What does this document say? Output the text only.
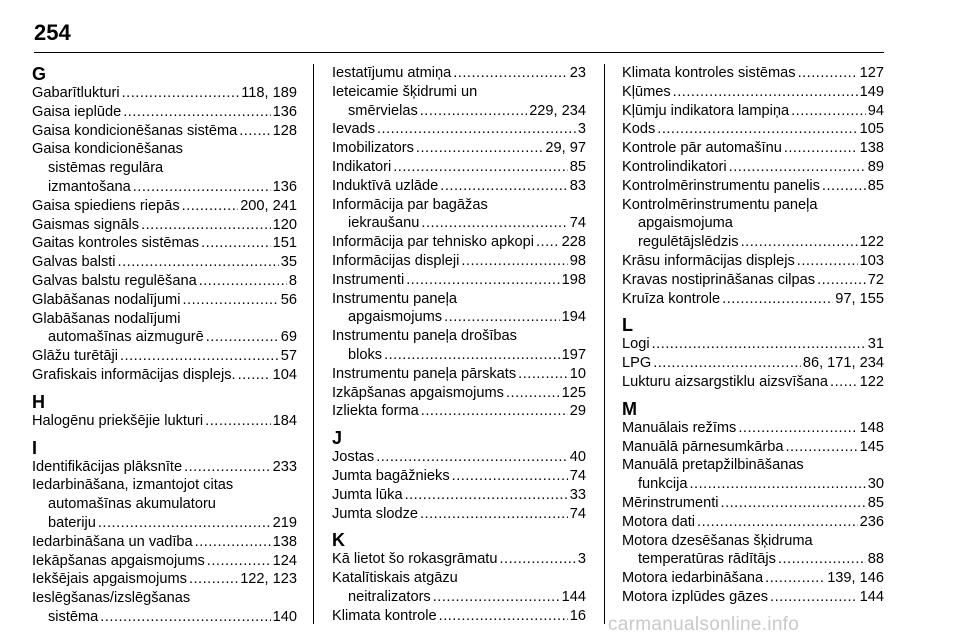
254
G
Gabarītlukturi .....	118, 189
Gaisa ieplūde .....	136
Gaisa kondicionēšanas sistēma ..... 128
Gaisa kondicionēšanas
sistēmas regulāra
izmantošana .....	136
Gaisa spiediens riepās .....	200, 241
Gaismas signāls .....	120
Gaitas kontroles sistēmas .....	151
Galvas balsti .....	35
Galvas balstu regulēšana .....	8
Glabāšanas nodalījumi .....	56
Glabāšanas nodalījumi
automašīnas aizmugurē .....	69
Glāžu turētāji .....	57
Grafiskais informācijas displejs. .....	104
H
Halogēnu priekšējie lukturi .....	184
I
Identifikācijas plāksnīte .....	233
Iedarbināšana, izmantojot citas
automašīnas akumulatoru
bateriju .....	219
Iedarbināšana un vadība .....	138
Iekāpšanas apgaismojums .....	124
Iekšējais apgaismojums .....	122, 123
Ieslēgšanas/izslēgšanas
sistēma .....	140
Iestatījumu atmiņa .....	23
Ieteicamie šķidrumi un
smērvielas .....	229, 234
Ievads .....	3
Imobilizators .....	29, 97
Indikatori .....	85
Induktīvā uzlāde .....	83
Informācija par bagāžas
iekraušanu .....	74
Informācija par tehnisko apkopi ..... 228
Informācijas displeji .....	98
Instrumenti .....	198
Instrumentu paneļa
apgaismojums .....	194
Instrumentu paneļa drošības
bloks .....	197
Instrumentu paneļa pārskats .....	10
Izkāpšanas apgaismojums .....	125
Izliekta forma .....	29
J
Jostas .....	40
Jumta bagāžnieks .....	74
Jumta lūka .....	33
Jumta slodze .....	74
K
Kā lietot šo rokasgrāmatu .....	3
Katalītiskais atgāzu
neitralizators .....	144
Klimata kontrole .....	16
Klimata kontroles sistēmas .....	127
Kļūmes .....	149
Kļūmju indikatora lampiņa .....	94
Kods .....	105
Kontrole pār automašīnu .....	138
Kontrolindikatori .....	89
Kontrolmērinstrumentu panelis .....	85
Kontrolmērinstrumentu paneļa
apgaismojuma
regulētājslēdzis .....	122
Krāsu informācijas displejs .....	103
Kravas nostiprināšanas cilpas .....	72
Kruīza kontrole .....	97, 155
L
Logi .....	31
LPG .....	86, 171, 234
Lukturu aizsargstiklu aizsvīšana ..... 122
M
Manuālais režīms .....	148
Manuālā pārnesumkārba .....	145
Manuālā pretapžilbināšanas
funkcija .....	30
Mērinstrumenti .....	85
Motora dati .....	236
Motora dzesēšanas šķidruma
temperatūras rādītājs .....	88
Motora iedarbināšana .....	139, 146
Motora izplūdes gāzes .....	144
carmanualsonline.info
